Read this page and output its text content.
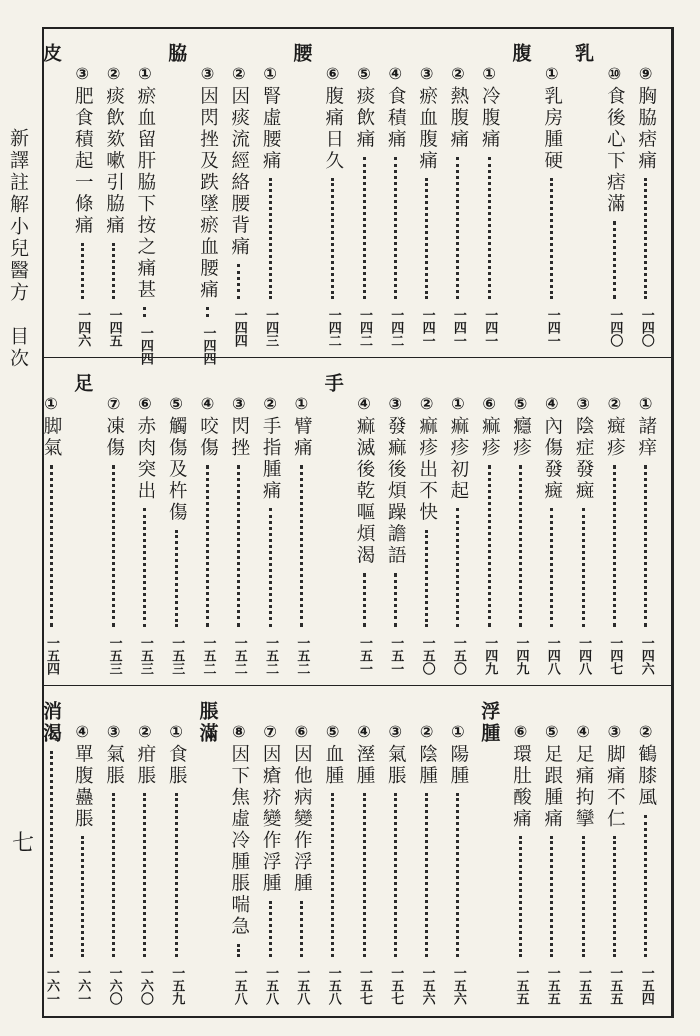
新譯註解小兒醫方目次
七
⑨
胸脇痞痛
一四〇
⑩
食後心下痞滿
一四〇
乳
①
乳房腫硬
一四一
腹
①
冷腹痛
一四一
②
熱腹痛
一四一
③
瘀血腹痛
一四一
④
食積痛
一四二
⑤
痰飲痛
一四二
⑥
腹痛日久
一四二
腰
①
腎虛腰痛
一四三
②
因痰流經絡腰背痛
一四四
③
因閃挫及跌墜瘀血腰痛
一四四
脇
①
瘀血留肝脇下按之痛甚
一四四
②
痰飲欬嗽引脇痛
一四五
③
肥食積起一條痛
一四六
皮
①
諸痒
一四六
②
癍疹
一四七
③
陰症發癍
一四八
④
內傷發癍
一四八
⑤
癮疹
一四九
⑥
痲疹
一四九
①
痲疹初起
一五〇
②
痲疹出不快
一五〇
③
發痲後煩躁譫語
一五一
④
痲滅後乾嘔煩渴
一五一
手
①
臂痛
一五二
②
手指腫痛
一五二
③
閃挫
一五二
④
咬傷
一五二
⑤
觸傷及杵傷
一五三
⑥
赤肉突出
一五三
⑦
凍傷
一五三
足
①
脚氣
一五四
②
鶴膝風
一五四
③
脚痛不仁
一五五
④
足痛拘攣
一五五
⑤
足跟腫痛
一五五
⑥
環肚酸痛
一五五
浮腫
①
陽腫
一五六
②
陰腫
一五六
③
氣脹
一五七
④
溼腫
一五七
⑤
血腫
一五八
⑥
因他病變作浮腫
一五八
⑦
因瘡疥變作浮腫
一五八
⑧
因下焦虛冷腫脹喘急
一五八
脹滿
①
食脹
一五九
②
疳脹
一六〇
③
氣脹
一六〇
④
單腹蠱脹
一六一
消渴
一六一
